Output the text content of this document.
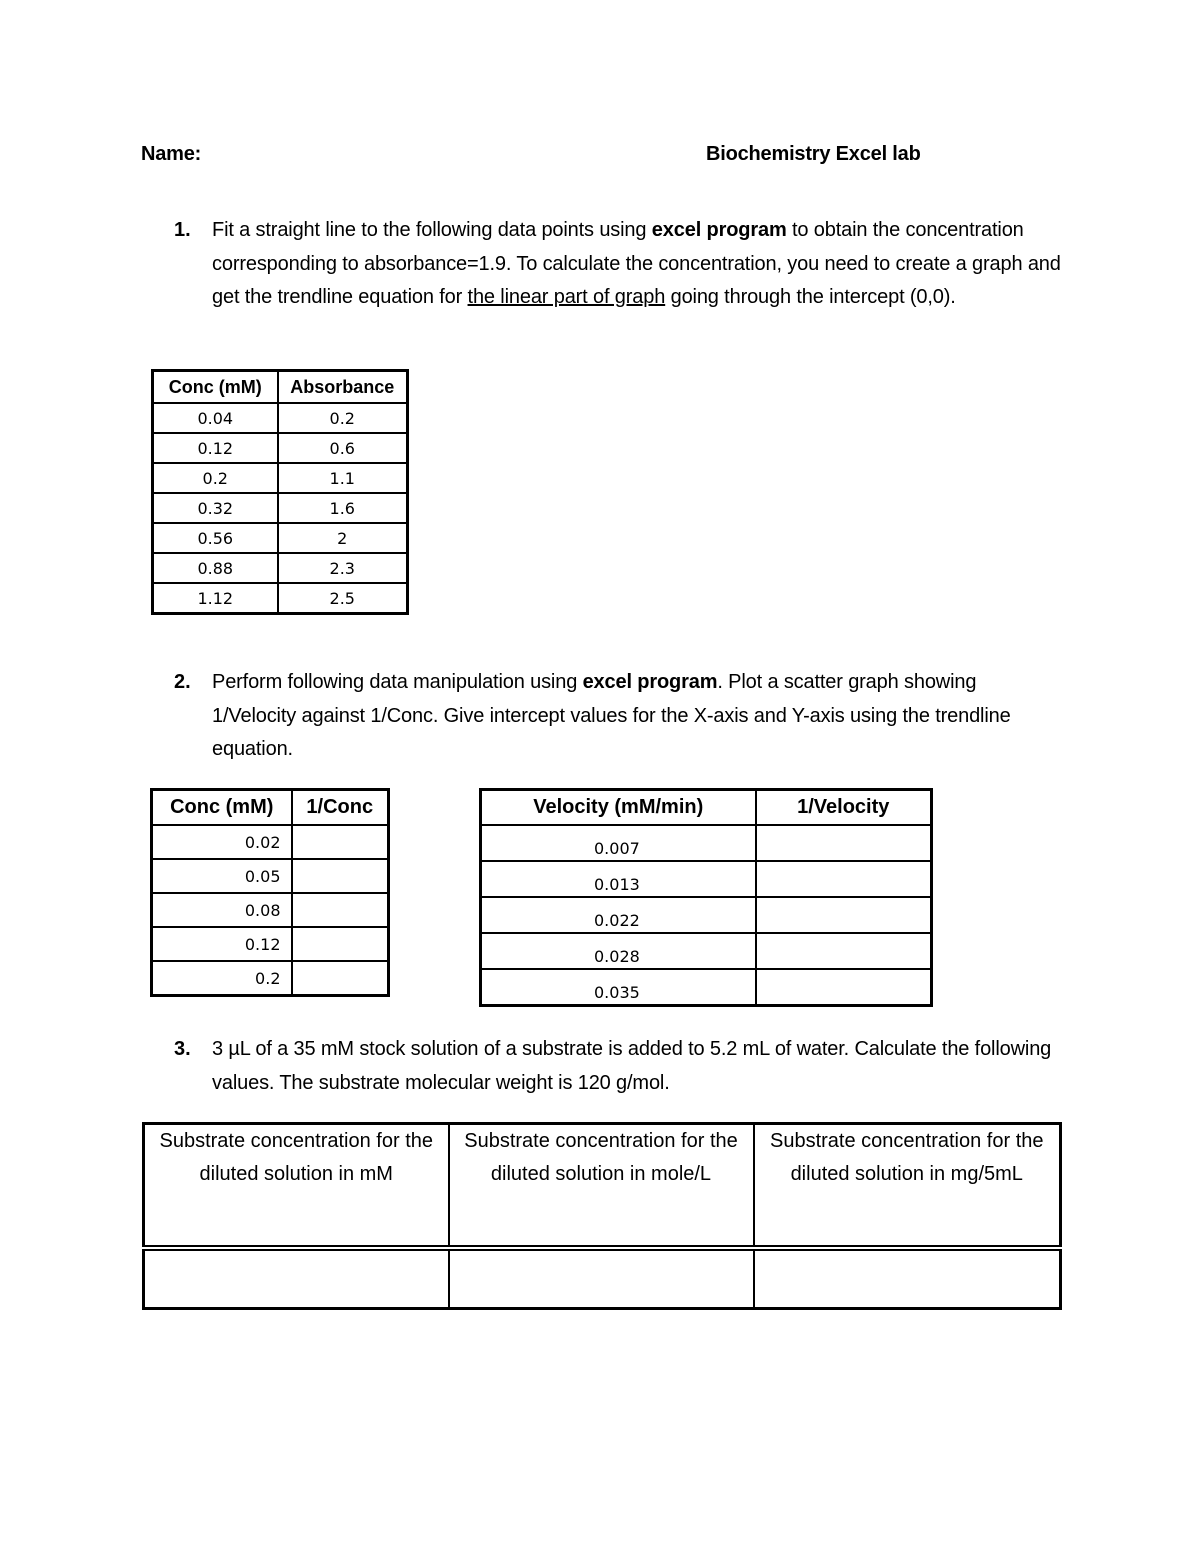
Name:	Biochemistry Excel lab
1. Fit a straight line to the following data points using excel program to obtain the concentration corresponding to absorbance=1.9. To calculate the concentration, you need to create a graph and get the trendline equation for the linear part of graph going through the intercept (0,0).
Conc (mM)	Absorbance
0.04	0.2
0.12	0.6
0.2	1.1
0.32	1.6
0.56	2
0.88	2.3
1.12	2.5
2. Perform following data manipulation using excel program. Plot a scatter graph showing 1/Velocity against 1/Conc. Give intercept values for the X-axis and Y-axis using the trendline equation.
Conc (mM)	1/Conc
0.02	
0.05	
0.08	
0.12	
0.2	
Velocity (mM/min)	1/Velocity
0.007	
0.013	
0.022	
0.028	
0.035	
3. 3 µL of a 35 mM stock solution of a substrate is added to 5.2 mL of water. Calculate the following values. The substrate molecular weight is 120 g/mol.
Substrate concentration for the diluted solution in mM	Substrate concentration for the diluted solution in mole/L	Substrate concentration for the diluted solution in mg/5mL
